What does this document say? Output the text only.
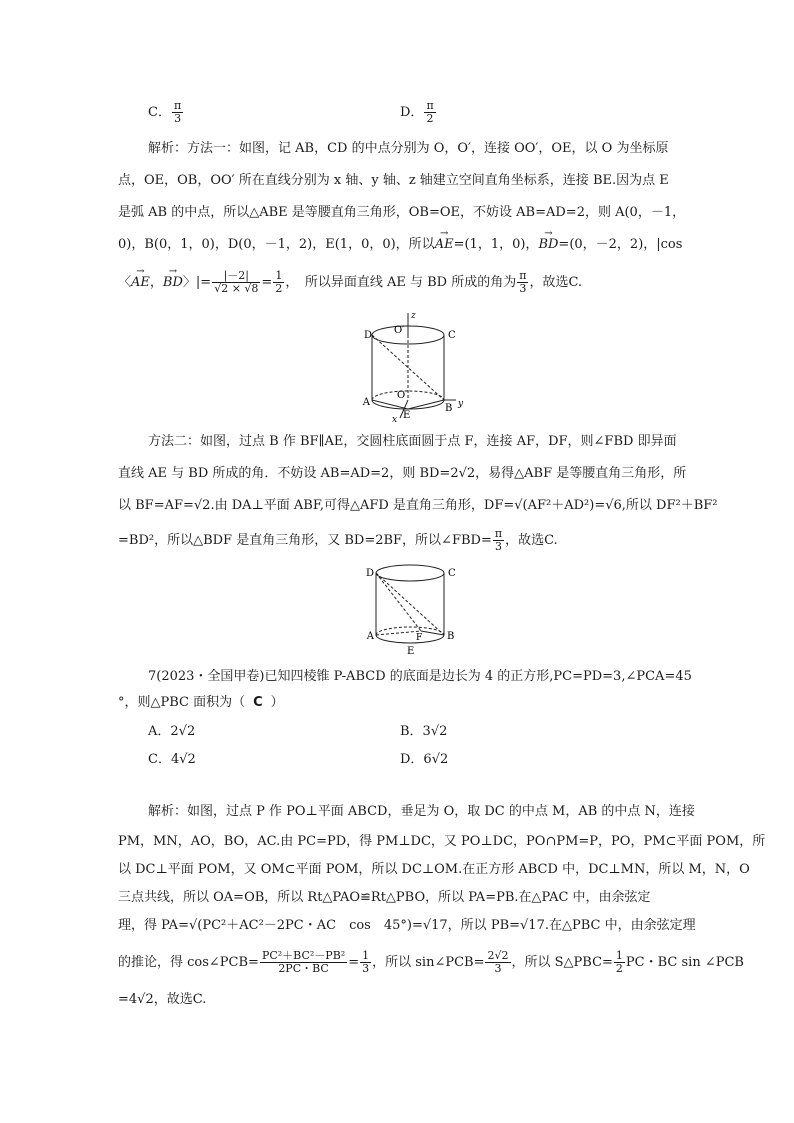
C． $\frac{\pi}{3}$	D． $\frac{\pi}{2}$
解析：方法一：如图，记 AB，CD 的中点分别为 O，O′，连接 OO′，OE，以 O 为坐标原
点，OE，OB，OO′ 所在直线分别为 x 轴、y 轴、z 轴建立空间直角坐标系，连接 BE.因为点 E
是弧 AB 的中点，所以△ABE 是等腰直角三角形，OB=OE，不妨设 AB=AD=2，则 A(0，－1，
0)，B(0，1，0)，D(0，－1，2)，E(1，0，0)，所以→ AE=(1，1，0)，→ BD=(0，－2，2)，|cos
〈→ AE，→ BD〉|= $\frac{|-2|}{√2 \times √8} = \frac{1}{2}$ ，　所以异面直线 AE 与 BD 所成的角为 $\frac{\pi}{3}$ ，故选C.
D	C
O′
z
O
A
B y
x E
方法二：如图，过点 B 作 BF∥AE，交圆柱底面圆于点 F，连接 AF，DF，则∠FBD 即异面
直线 AE 与 BD 所成的角．不妨设 AB=AD=2，则 BD=2√2，易得△ABF 是等腰直角三角形，所
以 BF=AF=√2.由 DA⊥平面 ABF,可得△AFD 是直角三角形，DF=√(AF²＋AD²)=√6,所以 DF²＋BF²
=BD²，所以△BDF 是直角三角形，又 BD=2BF，所以∠FBD= $\frac{\pi}{3}$ ，故选C.
D	C
A	F B
E
7(2023・全国甲卷)已知四棱锥 P-ABCD 的底面是边长为 4 的正方形,PC=PD=3,∠PCA=45
°，则△PBC 面积为（ C ）
A．2√2	B．3√2
C．4√2	D．6√2
解析：如图，过点 P 作 PO⊥平面 ABCD，垂足为 O，取 DC 的中点 M，AB 的中点 N，连接
PM，MN，AO，BO，AC.由 PC=PD，得 PM⊥DC，又 PO⊥DC，PO∩PM=P，PO，PM⊂平面 POM，所
以 DC⊥平面 POM，又 OM⊂平面 POM，所以 DC⊥OM.在正方形 ABCD 中，DC⊥MN，所以 M，N，O
三点共线，所以 OA=OB，所以 Rt△PAO≌Rt△PBO，所以 PA=PB.在△PAC 中，由余弦定
理，得 PA=√(PC²＋AC²－2PC・AC　cos　45°)=√17，所以 PB=√17.在△PBC 中，由余弦定理
的推论，得 cos∠PCB= $\frac{\text{PC²＋BC²－PB²}}{2PC・BC} = \frac{1}{3}$ ，所以 sin∠PCB= $\frac{2√2}{3}$ ，所以 S△PBC= $\frac{1}{2}$ PC・BC sin ∠PCB
=4√2，故选C.
